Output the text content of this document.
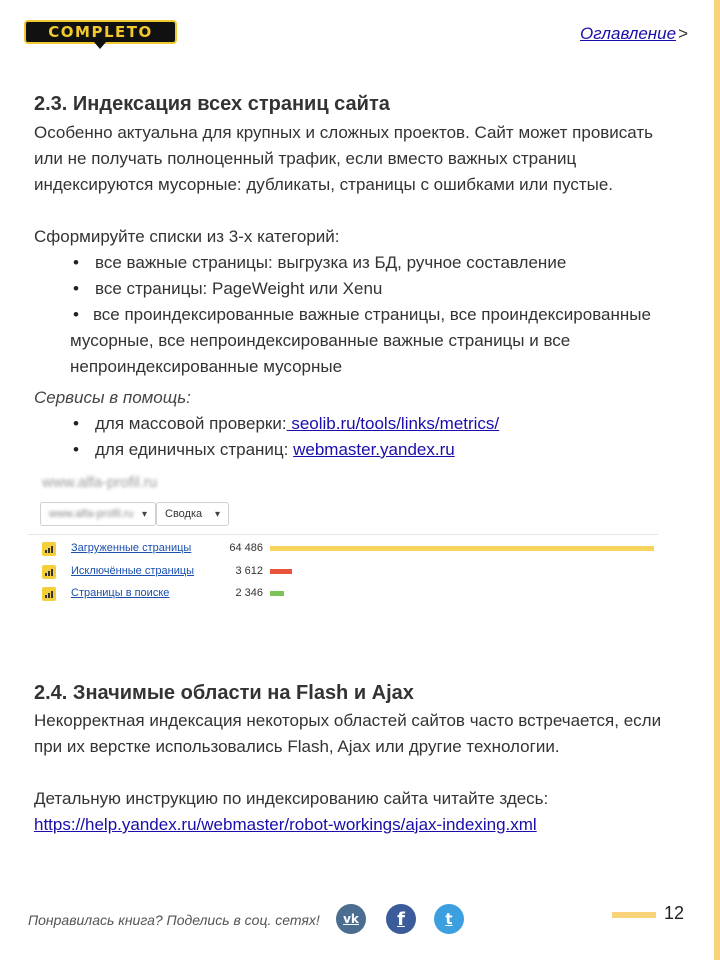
COMPLETO	Оглавление >
2.3. Индексация всех страниц сайта
Особенно актуальна для крупных и сложных проектов. Сайт может провисать или не получать полноценный трафик, если вместо важных страниц индексируются мусорные: дубликаты, страницы с ошибками или пустые.
Сформируйте списки из 3-х категорий:
• все важные страницы: выгрузка из БД, ручное составление
• все страницы: PageWeight или Xenu
• все проиндексированные важные страницы, все проиндексированные мусорные, все непроиндексированные важные страницы и все непроиндексированные мусорные
Сервисы в помощь:
• для массовой проверки: seolib.ru/tools/links/metrics/
• для единичных страниц: webmaster.yandex.ru
www.alfa-profil.ru
www.alfa-profil.ru ▾ Сводка ▾
Загруженные страницы	64 486
Исключённые страницы	3 612
Страницы в поиске	2 346
2.4. Значимые области на Flash и Ajax
Некорректная индексация некоторых областей сайтов часто встречается, если при их верстке использовались Flash, Ajax или другие технологии.
Детальную инструкцию по индексированию сайта читайте здесь:
https://help.yandex.ru/webmaster/robot-workings/ajax-indexing.xml
Понравилась книга? Поделись в соц. сетях!	vk	f	t	12
